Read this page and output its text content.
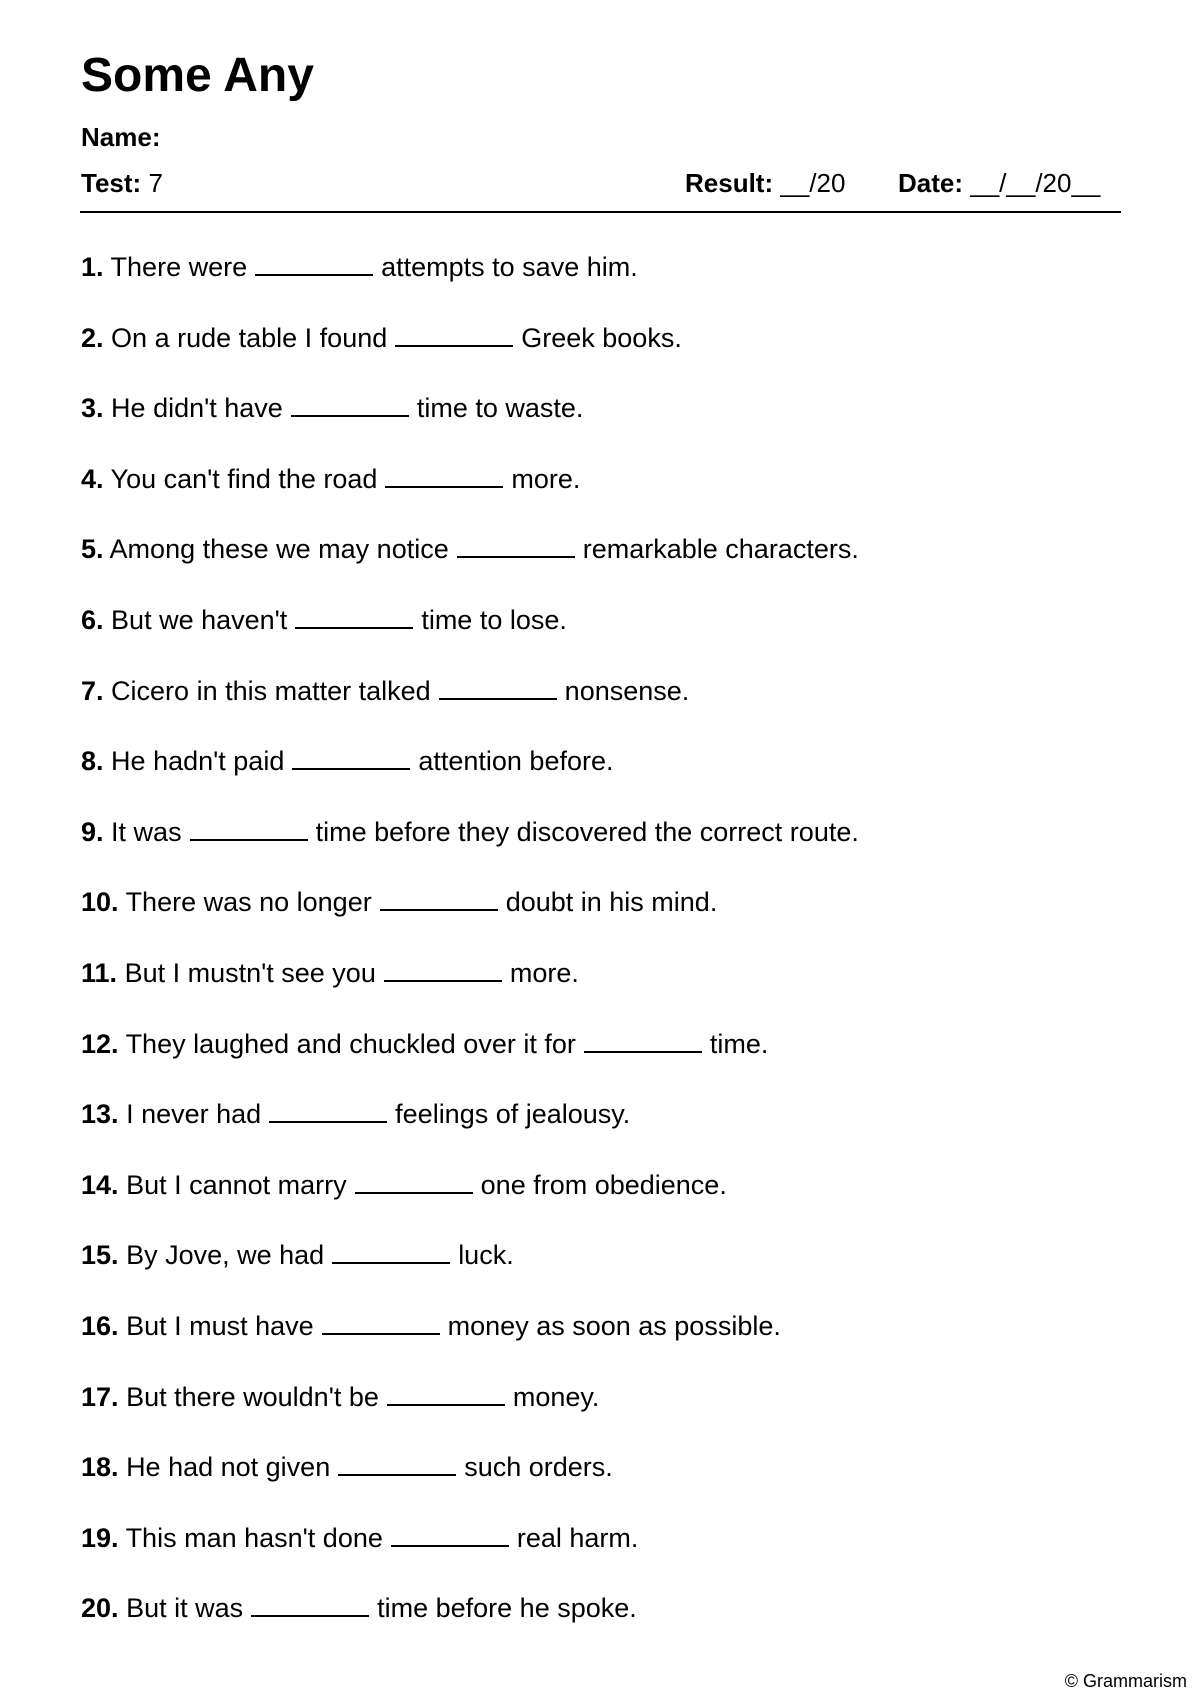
Some Any
Name:
Test: 7	Result: __/20 Date: __/__/20__
1. There were	attempts to save him.
2. On a rude table I found	Greek books.
3. He didn't have	time to waste.
4. You can't find the road	more.
5. Among these we may notice	remarkable characters.
6. But we haven't	time to lose.
7. Cicero in this matter talked	nonsense.
8. He hadn't paid	attention before.
9. It was	time before they discovered the correct route.
10. There was no longer	doubt in his mind.
11. But I mustn't see you	more.
12. They laughed and chuckled over it for	time.
13. I never had	feelings of jealousy.
14. But I cannot marry	one from obedience.
15. By Jove, we had	luck.
16. But I must have	money as soon as possible.
17. But there wouldn't be	money.
18. He had not given	such orders.
19. This man hasn't done	real harm.
20. But it was	time before he spoke.
© Grammarism
